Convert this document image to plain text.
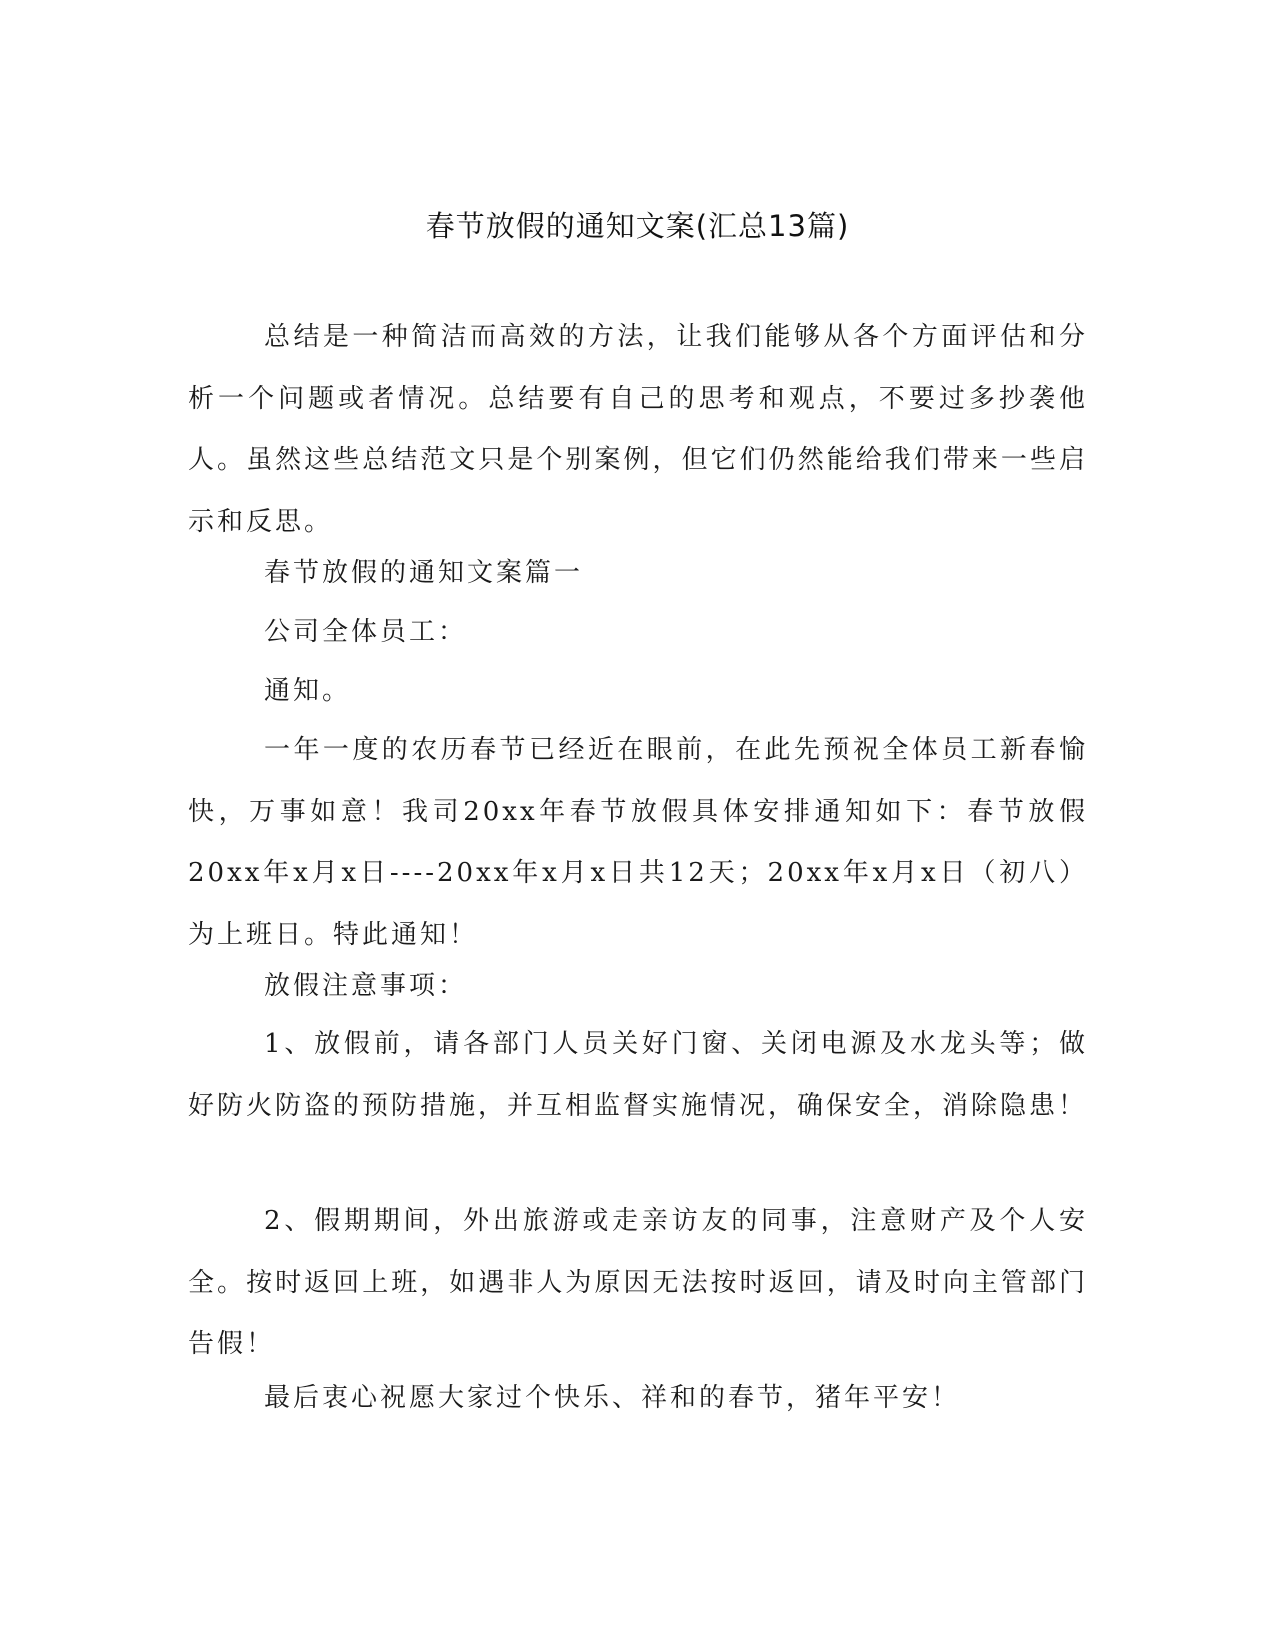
春节放假的通知文案(汇总13篇)

总结是一种简洁而高效的方法，让我们能够从各个方面评估和分析一个问题或者情况。总结要有自己的思考和观点，不要过多抄袭他人。虽然这些总结范文只是个别案例，但它们仍然能给我们带来一些启示和反思。

春节放假的通知文案篇一

公司全体员工：

通知。

一年一度的农历春节已经近在眼前，在此先预祝全体员工新春愉快，万事如意！我司20xx年春节放假具体安排通知如下：春节放假20xx年x月x日----20xx年x月x日共12天；20xx年x月x日（初八）为上班日。特此通知！

放假注意事项：

1、放假前，请各部门人员关好门窗、关闭电源及水龙头等；做好防火防盗的预防措施，并互相监督实施情况，确保安全，消除隐患！

2、假期期间，外出旅游或走亲访友的同事，注意财产及个人安全。按时返回上班，如遇非人为原因无法按时返回，请及时向主管部门告假！

最后衷心祝愿大家过个快乐、祥和的春节，猪年平安！
